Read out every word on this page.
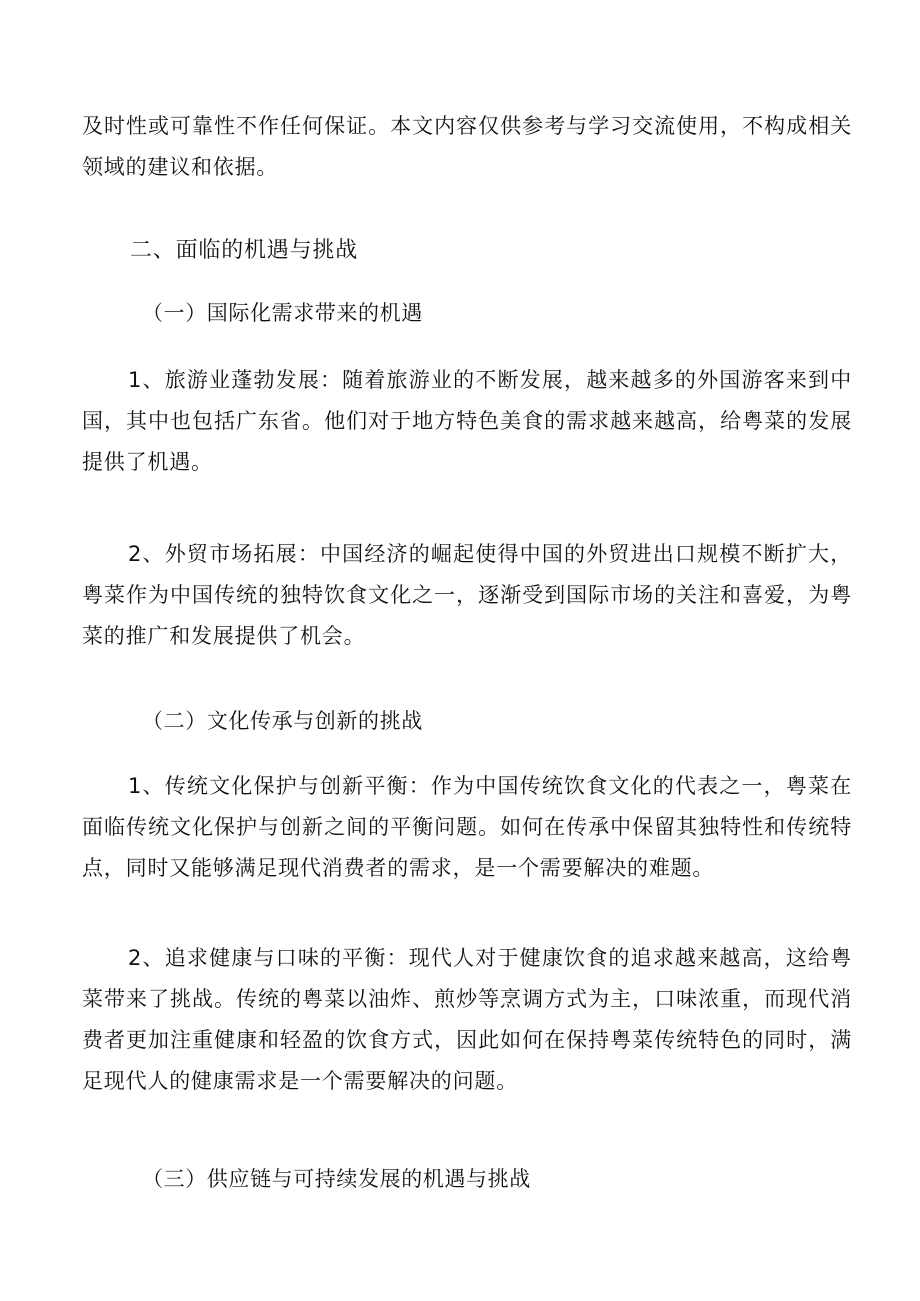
及时性或可靠性不作任何保证。本文内容仅供参考与学习交流使用，不构成相关领域的建议和依据。

二、面临的机遇与挑战
（一）国际化需求带来的机遇

1、旅游业蓬勃发展：随着旅游业的不断发展，越来越多的外国游客来到中国，其中也包括广东省。他们对于地方特色美食的需求越来越高，给粤菜的发展提供了机遇。

2、外贸市场拓展：中国经济的崛起使得中国的外贸进出口规模不断扩大，粤菜作为中国传统的独特饮食文化之一，逐渐受到国际市场的关注和喜爱，为粤菜的推广和发展提供了机会。

（二）文化传承与创新的挑战

1、传统文化保护与创新平衡：作为中国传统饮食文化的代表之一，粤菜在面临传统文化保护与创新之间的平衡问题。如何在传承中保留其独特性和传统特点，同时又能够满足现代消费者的需求，是一个需要解决的难题。

2、追求健康与口味的平衡：现代人对于健康饮食的追求越来越高，这给粤菜带来了挑战。传统的粤菜以油炸、煎炒等烹调方式为主，口味浓重，而现代消费者更加注重健康和轻盈的饮食方式，因此如何在保持粤菜传统特色的同时，满足现代人的健康需求是一个需要解决的问题。

（三）供应链与可持续发展的机遇与挑战
